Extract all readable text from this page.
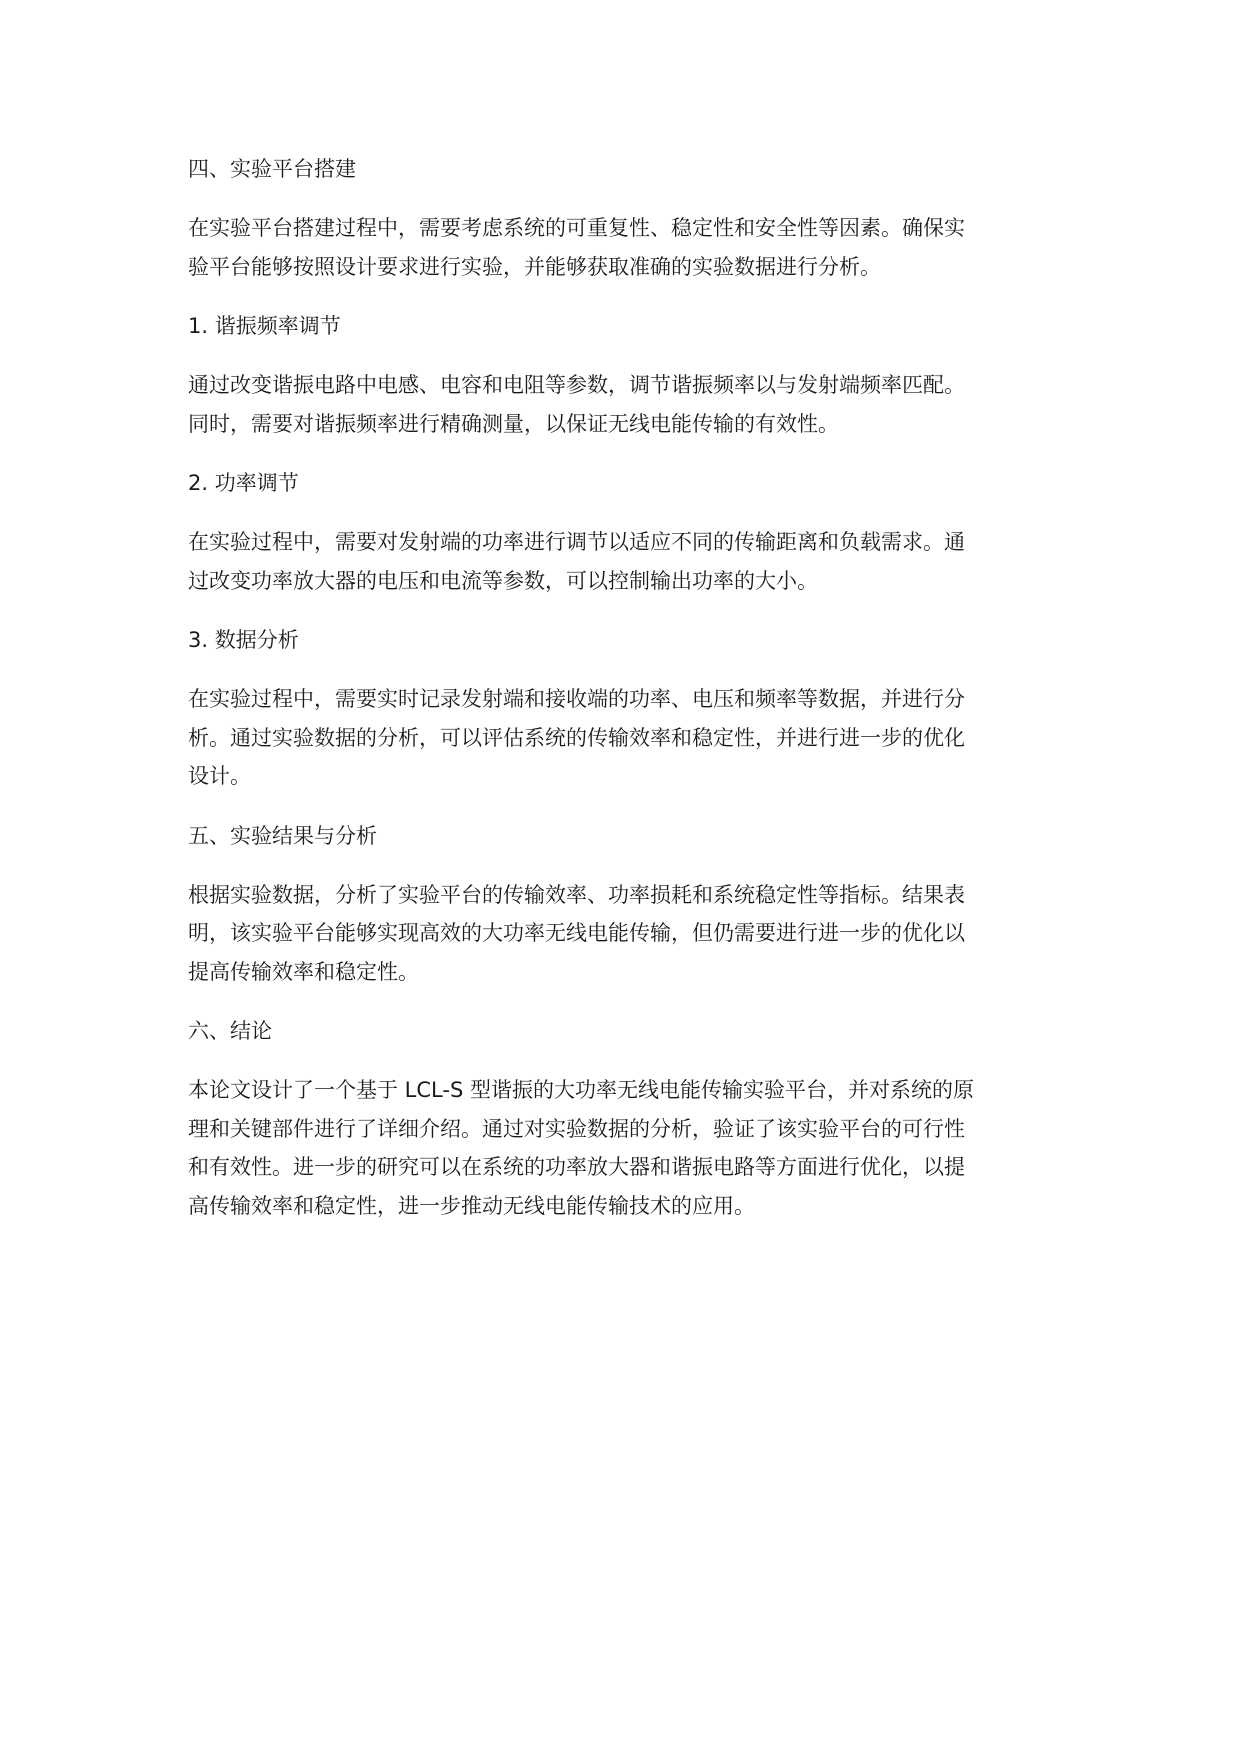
四、实验平台搭建
在实验平台搭建过程中，需要考虑系统的可重复性、稳定性和安全性等因素。确保实
验平台能够按照设计要求进行实验，并能够获取准确的实验数据进行分析。
1. 谐振频率调节
通过改变谐振电路中电感、电容和电阻等参数，调节谐振频率以与发射端频率匹配。
同时，需要对谐振频率进行精确测量，以保证无线电能传输的有效性。
2. 功率调节
在实验过程中，需要对发射端的功率进行调节以适应不同的传输距离和负载需求。通
过改变功率放大器的电压和电流等参数，可以控制输出功率的大小。
3. 数据分析
在实验过程中，需要实时记录发射端和接收端的功率、电压和频率等数据，并进行分
析。通过实验数据的分析，可以评估系统的传输效率和稳定性，并进行进一步的优化
设计。
五、实验结果与分析
根据实验数据，分析了实验平台的传输效率、功率损耗和系统稳定性等指标。结果表
明，该实验平台能够实现高效的大功率无线电能传输，但仍需要进行进一步的优化以
提高传输效率和稳定性。
六、结论
本论文设计了一个基于 LCL-S 型谐振的大功率无线电能传输实验平台，并对系统的原
理和关键部件进行了详细介绍。通过对实验数据的分析，验证了该实验平台的可行性
和有效性。进一步的研究可以在系统的功率放大器和谐振电路等方面进行优化，以提
高传输效率和稳定性，进一步推动无线电能传输技术的应用。
